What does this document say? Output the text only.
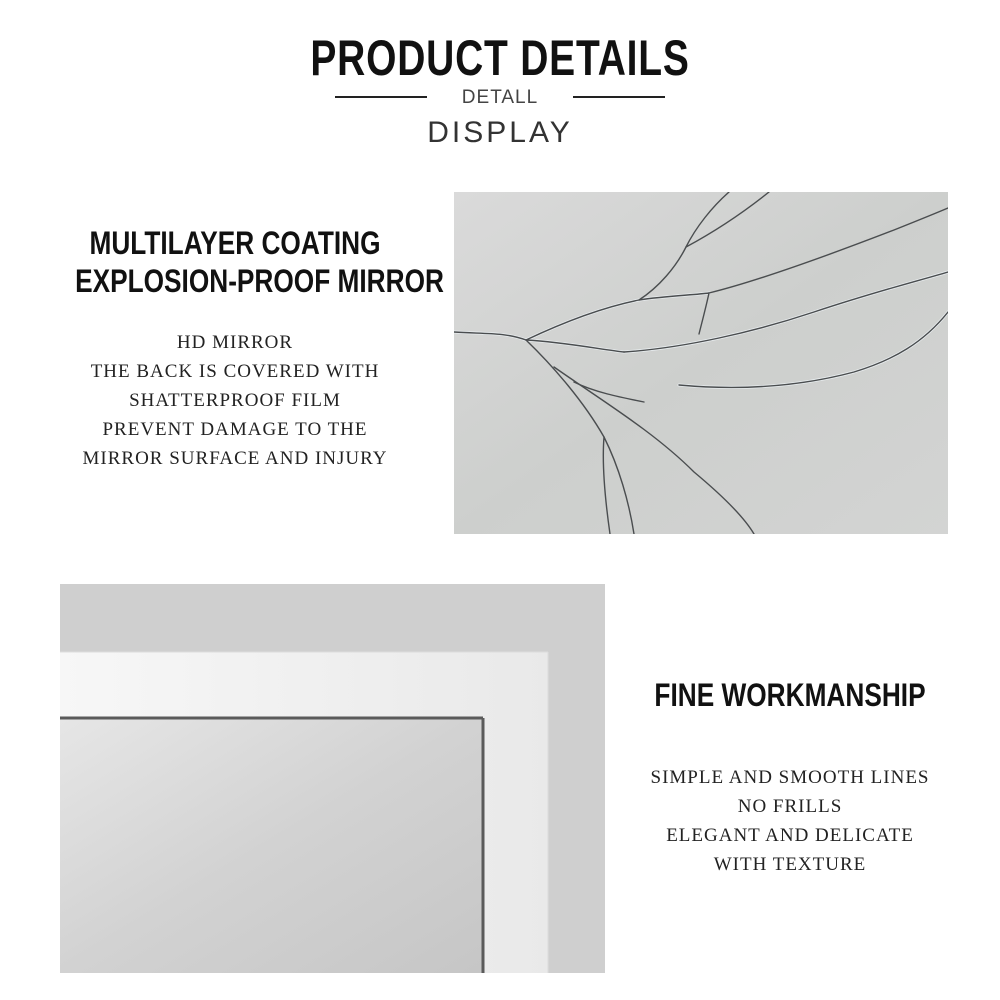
PRODUCT DETAILS
DETALL
DISPLAY
MULTILAYER COATING
EXPLOSION-PROOF MIRROR
HD MIRROR
THE BACK IS COVERED WITH
SHATTERPROOF FILM
PREVENT DAMAGE TO THE
MIRROR SURFACE AND INJURY
FINE WORKMANSHIP
SIMPLE AND SMOOTH LINES
NO FRILLS
ELEGANT AND DELICATE
WITH TEXTURE
